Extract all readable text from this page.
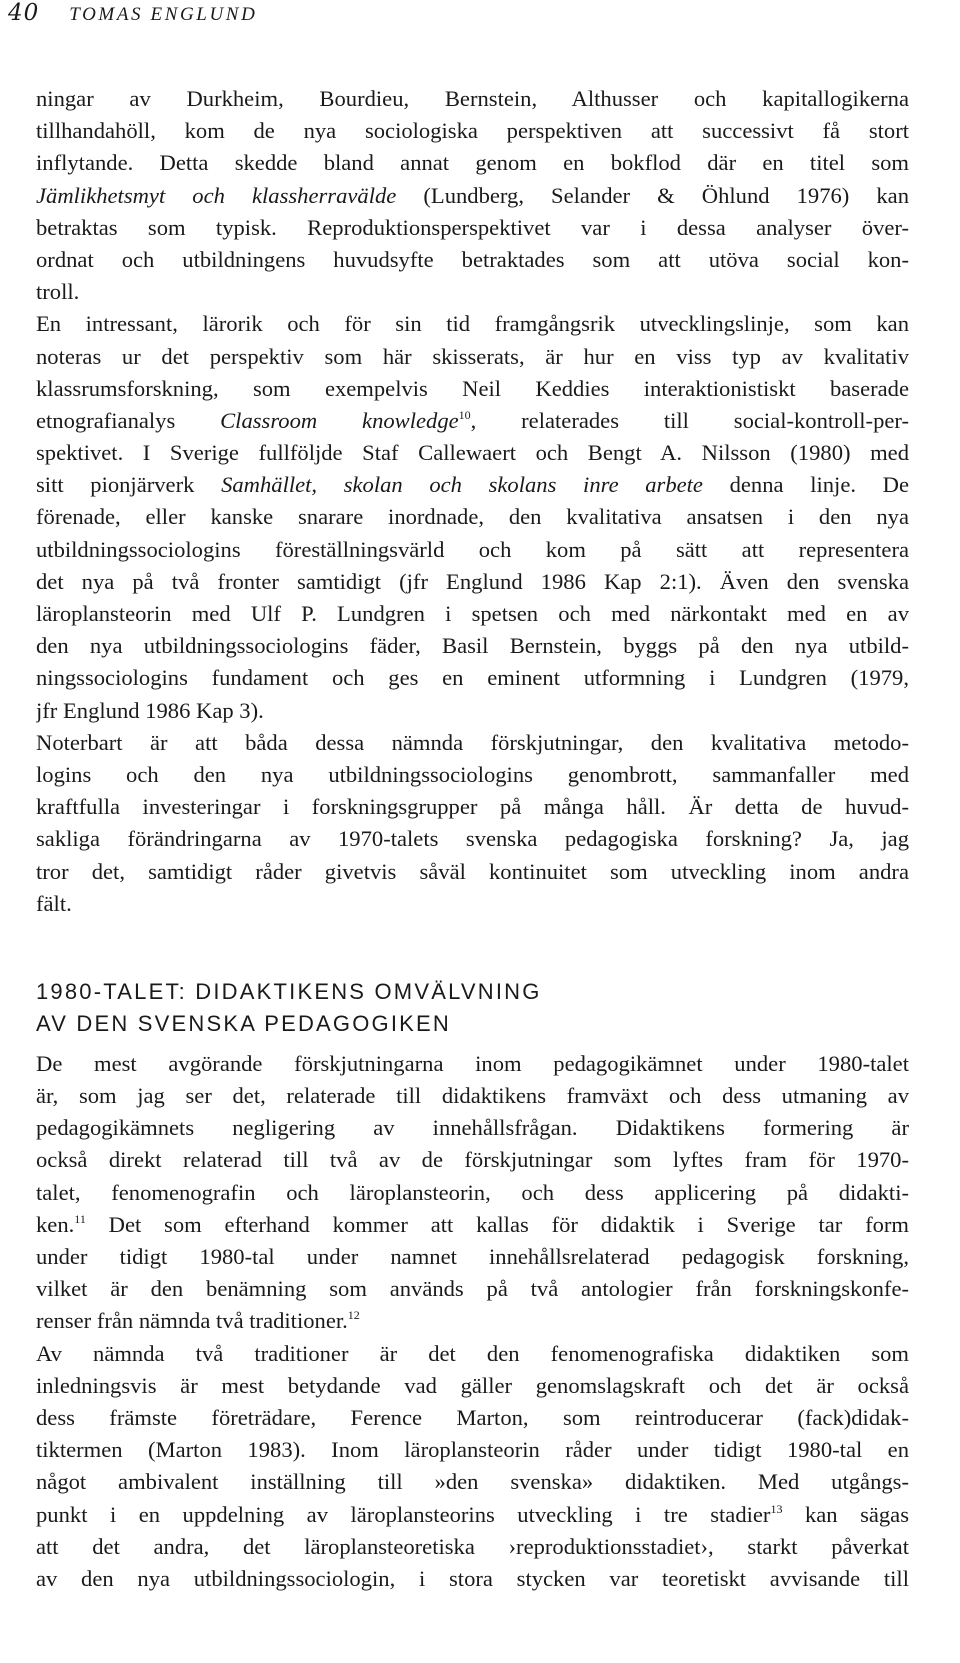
40 TOMAS ENGLUND
ningar av Durkheim, Bourdieu, Bernstein, Althusser och kapitallogikerna
tillhandahöll, kom de nya sociologiska perspektiven att successivt få stort
inflytande. Detta skedde bland annat genom en bokflod där en titel som
Jämlikhetsmyt och klassherravälde (Lundberg, Selander & Öhlund 1976) kan
betraktas som typisk. Reproduktionsperspektivet var i dessa analyser över-
ordnat och utbildningens huvudsyfte betraktades som att utöva social kon-
troll.
En intressant, lärorik och för sin tid framgångsrik utvecklingslinje, som kan
noteras ur det perspektiv som här skisserats, är hur en viss typ av kvalitativ
klassrumsforskning, som exempelvis Neil Keddies interaktionistiskt baserade
etnografianalys Classroom knowledge$^{10}$, relaterades till social-kontroll-per-
spektivet. I Sverige fullföljde Staf Callewaert och Bengt A. Nilsson (1980) med
sitt pionjärverk Samhället, skolan och skolans inre arbete denna linje. De
förenade, eller kanske snarare inordnade, den kvalitativa ansatsen i den nya
utbildningssociologins föreställningsvärld och kom på sätt att representera
det nya på två fronter samtidigt (jfr Englund 1986 Kap 2:1). Även den svenska
läroplansteorin med Ulf P. Lundgren i spetsen och med närkontakt med en av
den nya utbildningssociologins fäder, Basil Bernstein, byggs på den nya utbild-
ningssociologins fundament och ges en eminent utformning i Lundgren (1979,
jfr Englund 1986 Kap 3).
Noterbart är att båda dessa nämnda förskjutningar, den kvalitativa metodo-
logins och den nya utbildningssociologins genombrott, sammanfaller med
kraftfulla investeringar i forskningsgrupper på många håll. Är detta de huvud-
sakliga förändringarna av 1970-talets svenska pedagogiska forskning? Ja, jag
tror det, samtidigt råder givetvis såväl kontinuitet som utveckling inom andra
fält.
1980-TALET: DIDAKTIKENS OMVÄLVNING
AV DEN SVENSKA PEDAGOGIKEN
De mest avgörande förskjutningarna inom pedagogikämnet under 1980-talet
är, som jag ser det, relaterade till didaktikens framväxt och dess utmaning av
pedagogikämnets negligering av innehållsfrågan. Didaktikens formering är
också direkt relaterad till två av de förskjutningar som lyftes fram för 1970-
talet, fenomenografin och läroplansteorin, och dess applicering på didakti-
ken.$^{11}$ Det som efterhand kommer att kallas för didaktik i Sverige tar form
under tidigt 1980-tal under namnet innehållsrelaterad pedagogisk forskning,
vilket är den benämning som används på två antologier från forskningskonfe-
renser från nämnda två traditioner.$^{12}$
Av nämnda två traditioner är det den fenomenografiska didaktiken som
inledningsvis är mest betydande vad gäller genomslagskraft och det är också
dess främste företrädare, Ference Marton, som reintroducerar (fack)didak-
tiktermen (Marton 1983). Inom läroplansteorin råder under tidigt 1980-tal en
något ambivalent inställning till »den svenska» didaktiken. Med utgångs-
punkt i en uppdelning av läroplansteorins utveckling i tre stadier$^{13}$ kan sägas
att det andra, det läroplansteoretiska ›reproduktionsstadiet›, starkt påverkat
av den nya utbildningssociologin, i stora stycken var teoretiskt avvisande till
